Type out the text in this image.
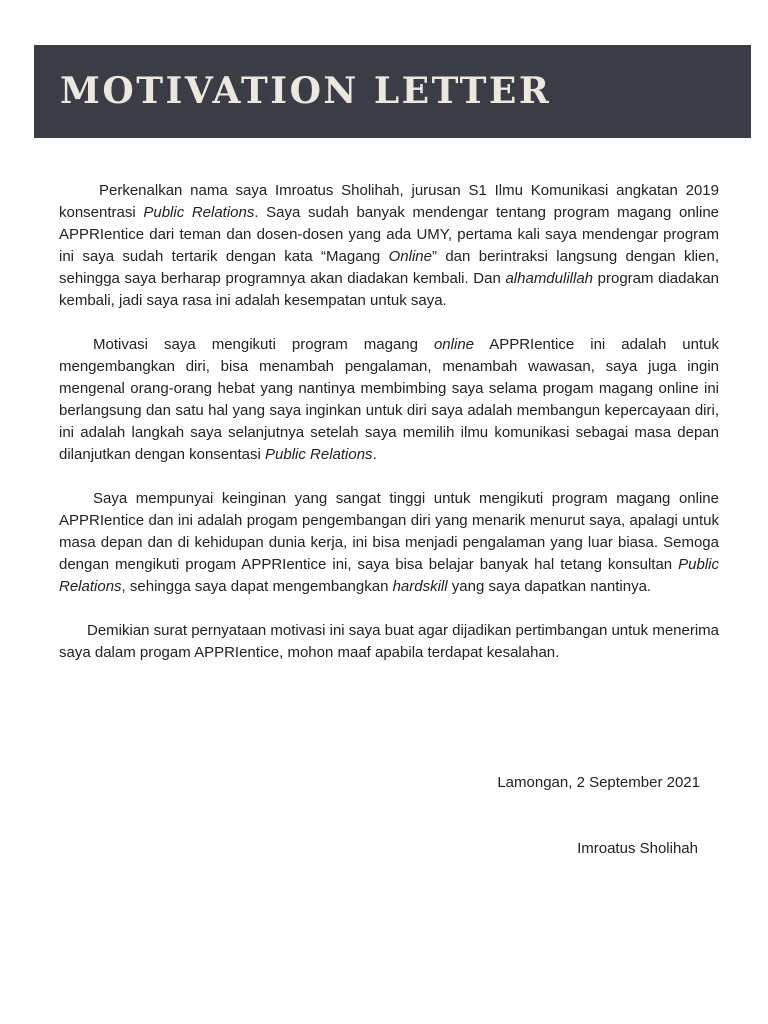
MOTIVATION LETTER

Perkenalkan nama saya Imroatus Sholihah, jurusan S1 Ilmu Komunikasi angkatan 2019 konsentrasi Public Relations. Saya sudah banyak mendengar tentang program magang online APPRIentice dari teman dan dosen-dosen yang ada UMY, pertama kali saya mendengar program ini saya sudah tertarik dengan kata “Magang Online” dan berintraksi langsung dengan klien, sehingga saya berharap programnya akan diadakan kembali. Dan alhamdulillah program diadakan kembali, jadi saya rasa ini adalah kesempatan untuk saya.

Motivasi saya mengikuti program magang online APPRIentice ini adalah untuk mengembangkan diri, bisa menambah pengalaman, menambah wawasan, saya juga ingin mengenal orang-orang hebat yang nantinya membimbing saya selama progam magang online ini berlangsung dan satu hal yang saya inginkan untuk diri saya adalah membangun kepercayaan diri, ini adalah langkah saya selanjutnya setelah saya memilih ilmu komunikasi sebagai masa depan dilanjutkan dengan konsentasi Public Relations.

Saya mempunyai keinginan yang sangat tinggi untuk mengikuti program magang online APPRIentice dan ini adalah progam pengembangan diri yang menarik menurut saya, apalagi untuk masa depan dan di kehidupan dunia kerja, ini bisa menjadi pengalaman yang luar biasa. Semoga dengan mengikuti progam APPRIentice ini, saya bisa belajar banyak hal tetang konsultan Public Relations, sehingga saya dapat mengembangkan hardskill yang saya dapatkan nantinya.

Demikian surat pernyataan motivasi ini saya buat agar dijadikan pertimbangan untuk menerima saya dalam progam APPRIentice, mohon maaf apabila terdapat kesalahan.

Lamongan, 2 September 2021
Imroatus Sholihah
